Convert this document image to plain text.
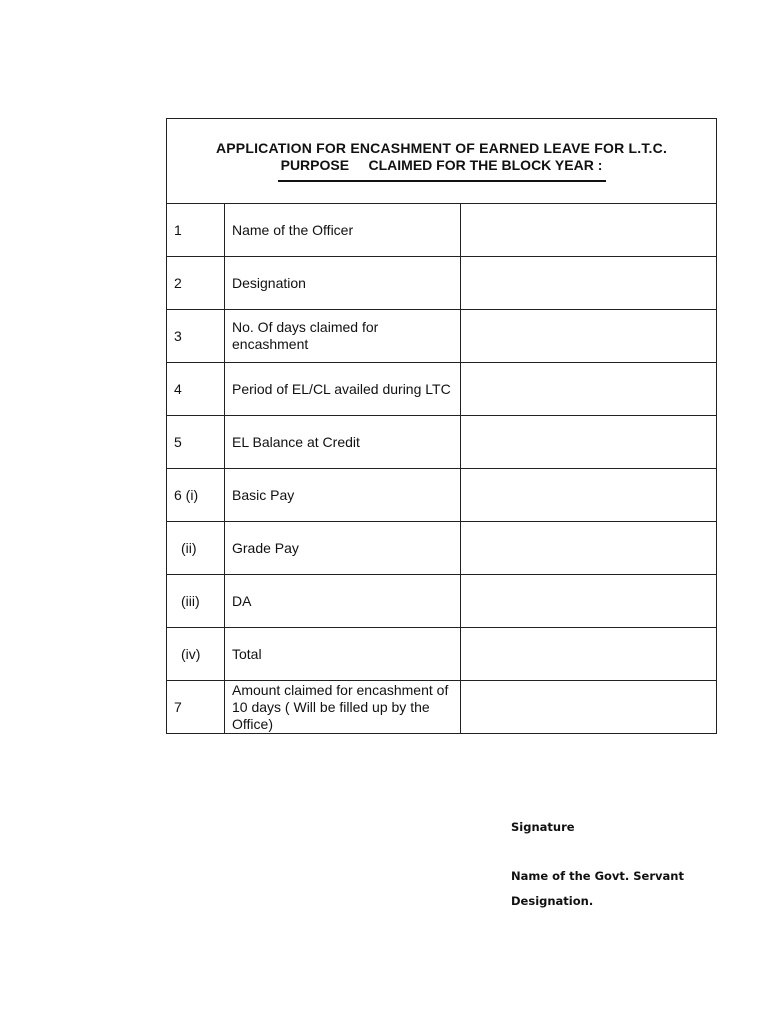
APPLICATION FOR ENCASHMENT OF EARNED LEAVE FOR L.T.C.
PURPOSE     CLAIMED FOR THE BLOCK YEAR :		

1	Name of the Officer	
2	Designation	
3	No. Of days claimed for encashment	
4	Period of EL/CL availed during LTC	
5	EL Balance at Credit	
6 (i)	Basic Pay	
(ii)	Grade Pay	
(iii)	DA	
(iv)	Total	
7	Amount claimed for encashment of 10 days ( Will be filled up by the Office)	
Signature
Name of the Govt. Servant
Designation.
